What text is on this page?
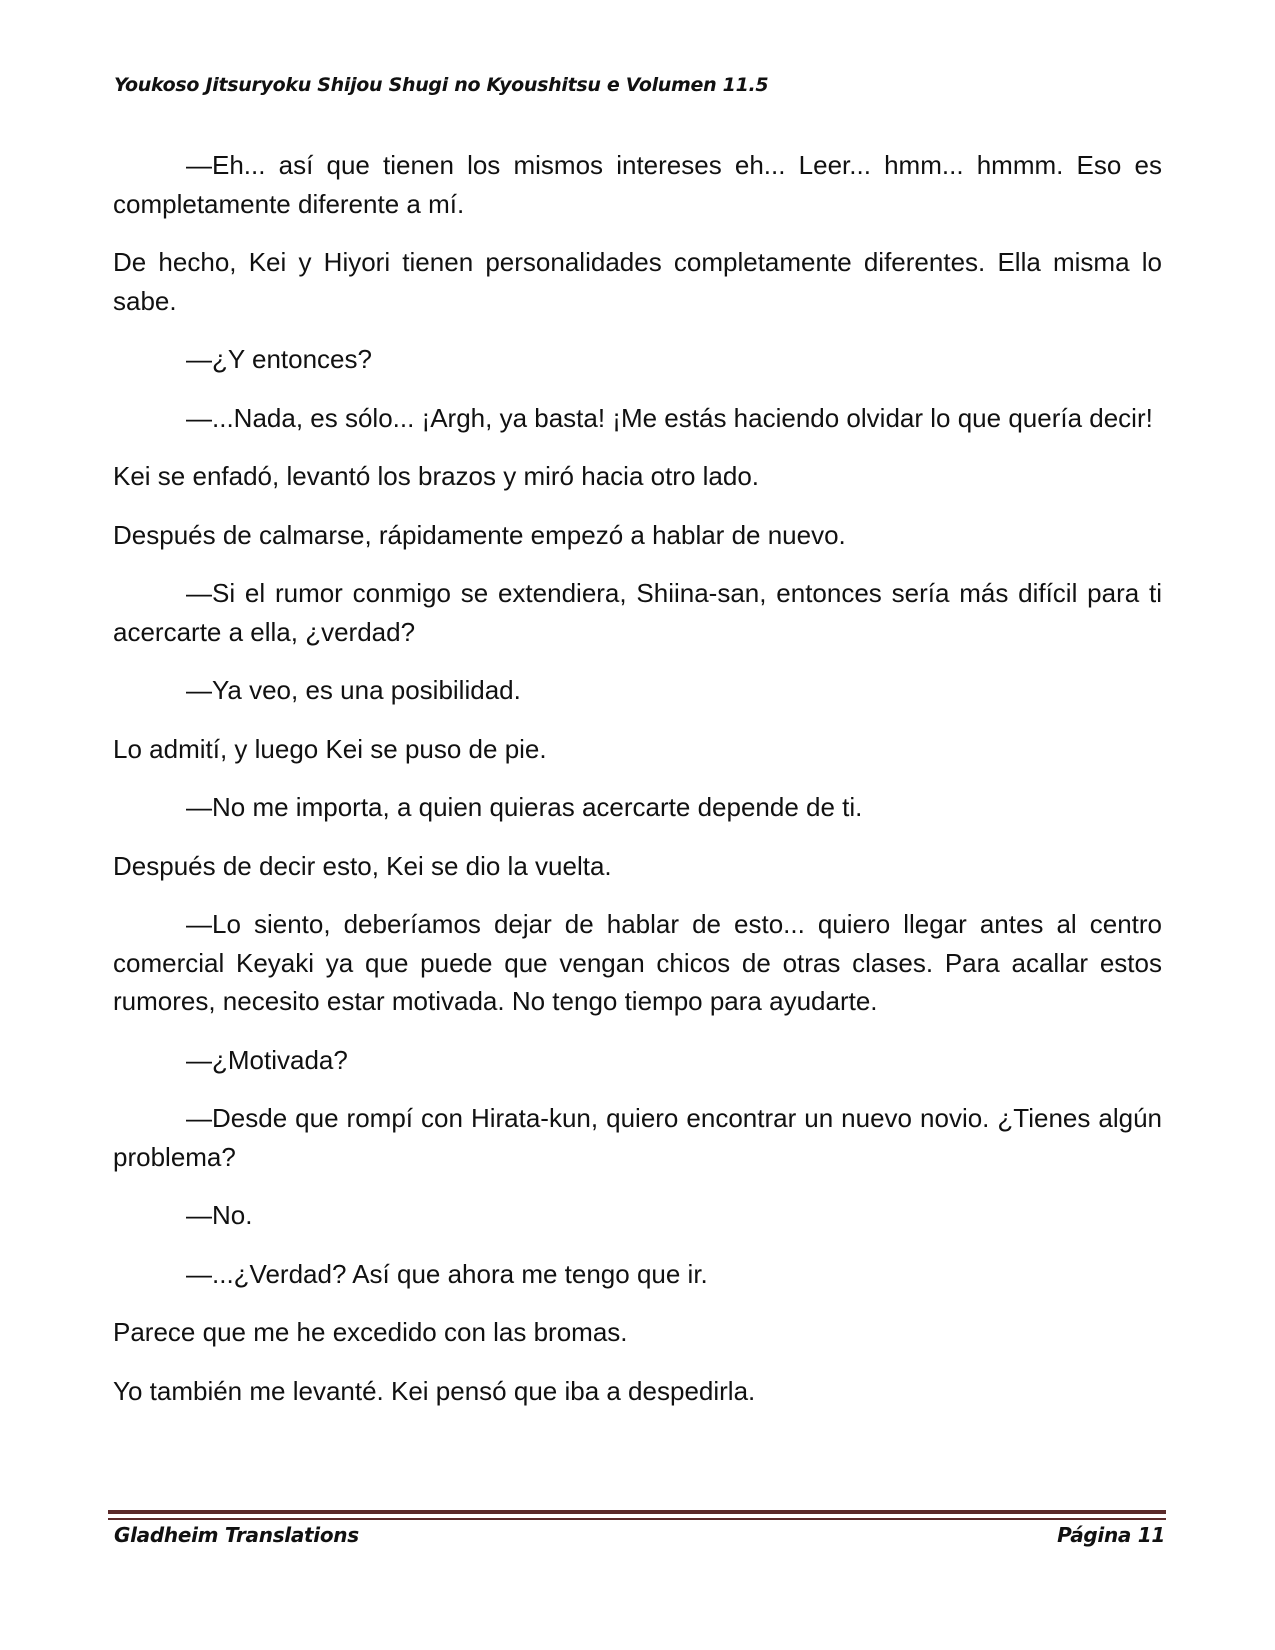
Youkoso Jitsuryoku Shijou Shugi no Kyoushitsu e Volumen 11.5

—Eh... así que tienen los mismos intereses eh... Leer... hmm... hmmm. Eso es completamente diferente a mí.

De hecho, Kei y Hiyori tienen personalidades completamente diferentes. Ella misma lo sabe.

—¿Y entonces?

—...Nada, es sólo... ¡Argh, ya basta! ¡Me estás haciendo olvidar lo que quería decir!

Kei se enfadó, levantó los brazos y miró hacia otro lado.

Después de calmarse, rápidamente empezó a hablar de nuevo.

—Si el rumor conmigo se extendiera, Shiina-san, entonces sería más difícil para ti acercarte a ella, ¿verdad?

—Ya veo, es una posibilidad.

Lo admití, y luego Kei se puso de pie.

—No me importa, a quien quieras acercarte depende de ti.

Después de decir esto, Kei se dio la vuelta.

—Lo siento, deberíamos dejar de hablar de esto... quiero llegar antes al centro comercial Keyaki ya que puede que vengan chicos de otras clases. Para acallar estos rumores, necesito estar motivada. No tengo tiempo para ayudarte.

—¿Motivada?

—Desde que rompí con Hirata-kun, quiero encontrar un nuevo novio. ¿Tienes algún problema?

—No.

—...¿Verdad? Así que ahora me tengo que ir.

Parece que me he excedido con las bromas.

Yo también me levanté. Kei pensó que iba a despedirla.

Gladheim Translations	Página 11
